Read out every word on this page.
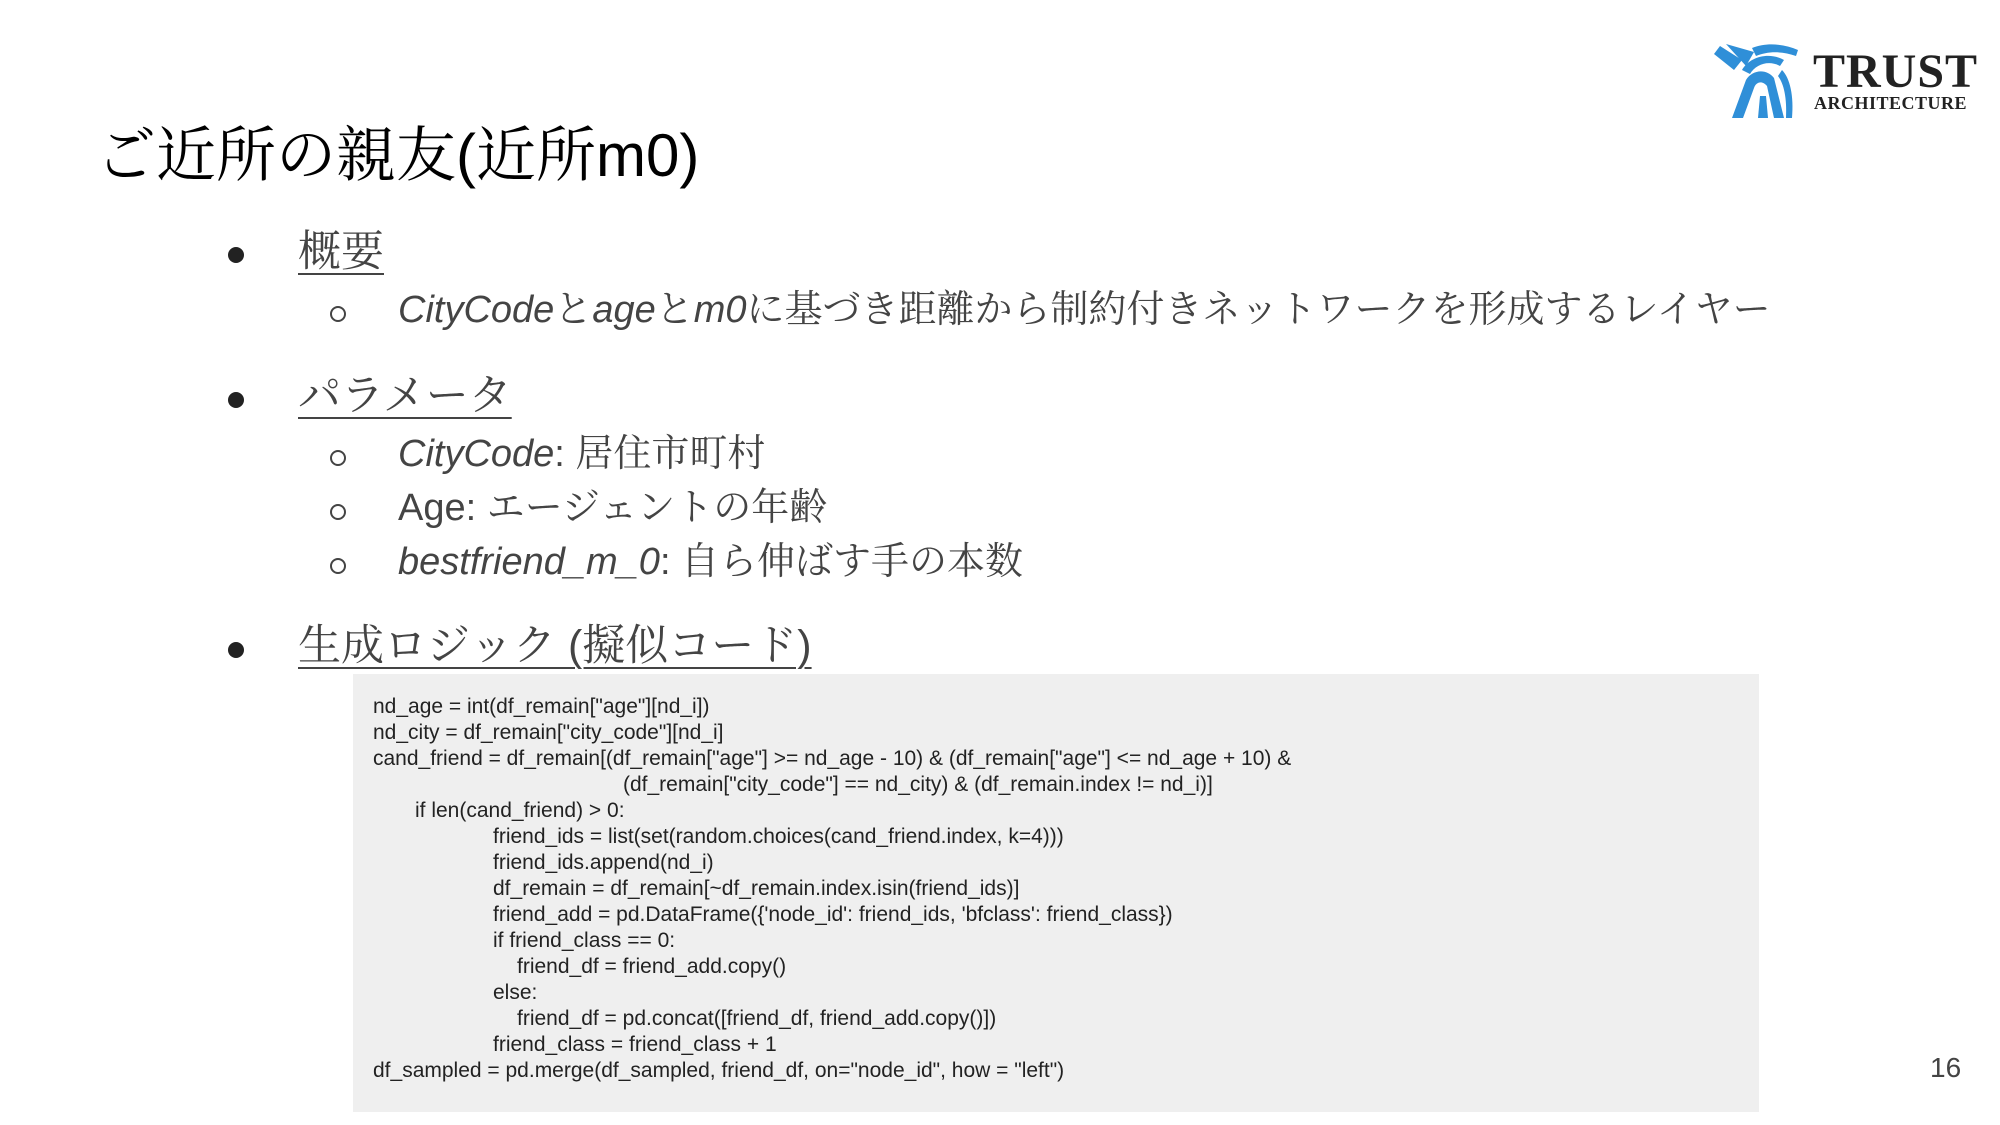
TRUST
ARCHITECTURE
ご近所の親友(近所m0)
概要
CityCodeとageとm0に基づき距離から制約付きネットワークを形成するレイヤー
パラメータ
CityCode: 居住市町村
Age: エージェントの年齢
bestfriend_m_0: 自ら伸ばす手の本数
生成ロジック (擬似コード)
nd_age = int(df_remain["age"][nd_i])
nd_city = df_remain["city_code"][nd_i]
cand_friend = df_remain[(df_remain["age"] >= nd_age - 10) & (df_remain["age"] <= nd_age + 10) &
(df_remain["city_code"] == nd_city) & (df_remain.index != nd_i)]
if len(cand_friend) > 0:
friend_ids = list(set(random.choices(cand_friend.index, k=4)))
friend_ids.append(nd_i)
df_remain = df_remain[~df_remain.index.isin(friend_ids)]
friend_add = pd.DataFrame({'node_id': friend_ids, 'bfclass': friend_class})
if friend_class == 0:
friend_df = friend_add.copy()
else:
friend_df = pd.concat([friend_df, friend_add.copy()])
friend_class = friend_class + 1
df_sampled = pd.merge(df_sampled, friend_df, on="node_id", how = "left")	16
